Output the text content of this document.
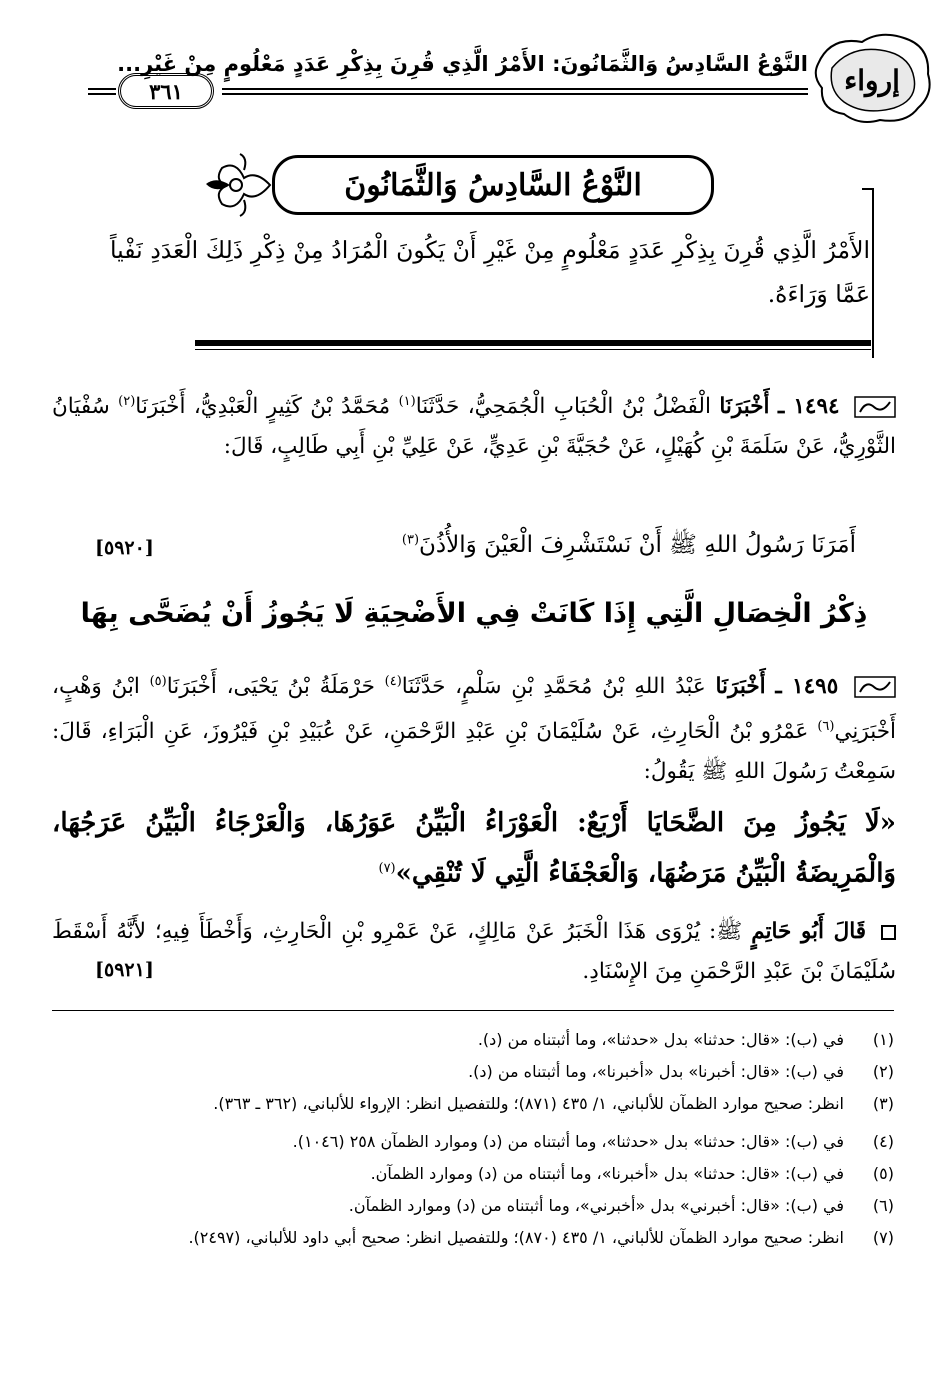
إرواء
النَّوْعُ السَّادِسُ وَالثَّمَانُونَ: الأَمْرُ الَّذِي قُرِنَ بِذِكْرِ عَدَدٍ مَعْلُومٍ مِنْ غَيْرِ...
٣٦١
النَّوْعُ السَّادِسُ وَالثَّمَانُونَ
الأَمْرُ الَّذِي قُرِنَ بِذِكْرِ عَدَدٍ مَعْلُومٍ مِنْ غَيْرِ أَنْ يَكُونَ الْمُرَادُ مِنْ ذِكْرِ ذَلِكَ الْعَدَدِ نَفْياً عَمَّا وَرَاءَهُ.
١٤٩٤ ـ أَخْبَرَنَا الْفَضْلُ بْنُ الْحُبَابِ الْجُمَحِيُّ، حَدَّثَنَا$^{(١)}$ مُحَمَّدُ بْنُ كَثِيرٍ الْعَبْدِيُّ، أَخْبَرَنَا$^{(٢)}$ سُفْيَانُ الثَّوْرِيُّ، عَنْ سَلَمَةَ بْنِ كُهَيْلٍ، عَنْ حُجَيَّةَ بْنِ عَدِيٍّ، عَنْ عَلِيِّ بْنِ أَبِي طَالِبٍ، قَالَ:
أَمَرَنَا رَسُولُ اللهِ ﷺ أَنْ نَسْتَشْرِفَ الْعَيْنَ وَالأُذُنَ$^{(٣)}$
[٥٩٢٠]
ذِكْرُ الْخِصَالِ الَّتِي إِذَا كَانَتْ فِي الأَضْحِيَةِ لَا يَجُوزُ أَنْ يُضَحَّى بِهَا
١٤٩٥ ـ أَخْبَرَنَا عَبْدُ اللهِ بْنُ مُحَمَّدِ بْنِ سَلْمٍ، حَدَّثَنَا$^{(٤)}$ حَرْمَلَةُ بْنُ يَحْيَى، أَخْبَرَنَا$^{(٥)}$ ابْنُ وَهْبٍ، أَخْبَرَنِي$^{(٦)}$ عَمْرُو بْنُ الْحَارِثِ، عَنْ سُلَيْمَانَ بْنِ عَبْدِ الرَّحْمَنِ، عَنْ عُبَيْدِ بْنِ فَيْرُوزَ، عَنِ الْبَرَاءِ، قَالَ: سَمِعْتُ رَسُولَ اللهِ ﷺ يَقُولُ:
«لَا يَجُوزُ مِنَ الضَّحَايَا أَرْبَعٌ: الْعَوْرَاءُ الْبَيِّنُ عَوَرُهَا، وَالْعَرْجَاءُ الْبَيِّنُ عَرَجُهَا، وَالْمَرِيضَةُ الْبَيِّنُ مَرَضُهَا، وَالْعَجْفَاءُ الَّتِي لَا تُنْقِي»$^{(٧)}$
قَالَ أَبُو حَاتِمٍ ﷺ: يُرْوَى هَذَا الْخَبَرُ عَنْ مَالِكٍ، عَنْ عَمْرِو بْنِ الْحَارِثِ، وَأَخْطَأَ فِيهِ؛ لأَنَّهُ أَسْقَطَ سُلَيْمَانَ بْنَ عَبْدِ الرَّحْمَنِ مِنَ الإِسْنَادِ.
[٥٩٢١]
(١)
في (ب): «قال: حدثنا» بدل «حدثنا»، وما أثبتناه من (د).
(٢)
في (ب): «قال: أخبرنا» بدل «أخبرنا»، وما أثبتناه من (د).
(٣)
انظر: صحيح موارد الظمآن للألباني، ١/ ٤٣٥ (٨٧١)؛ وللتفصيل انظر: الإرواء للألباني، (٣٦٢ ـ ٣٦٣).
(٤)
في (ب): «قال: حدثنا» بدل «حدثنا»، وما أثبتناه من (د) وموارد الظمآن ٢٥٨ (١٠٤٦).
(٥)
في (ب): «قال: حدثنا» بدل «أخبرنا»، وما أثبتناه من (د) وموارد الظمآن.
(٦)
في (ب): «قال: أخبرني» بدل «أخبرني»، وما أثبتناه من (د) وموارد الظمآن.
(٧)
انظر: صحيح موارد الظمآن للألباني، ١/ ٤٣٥ (٨٧٠)؛ وللتفصيل انظر: صحيح أبي داود للألباني، (٢٤٩٧).
